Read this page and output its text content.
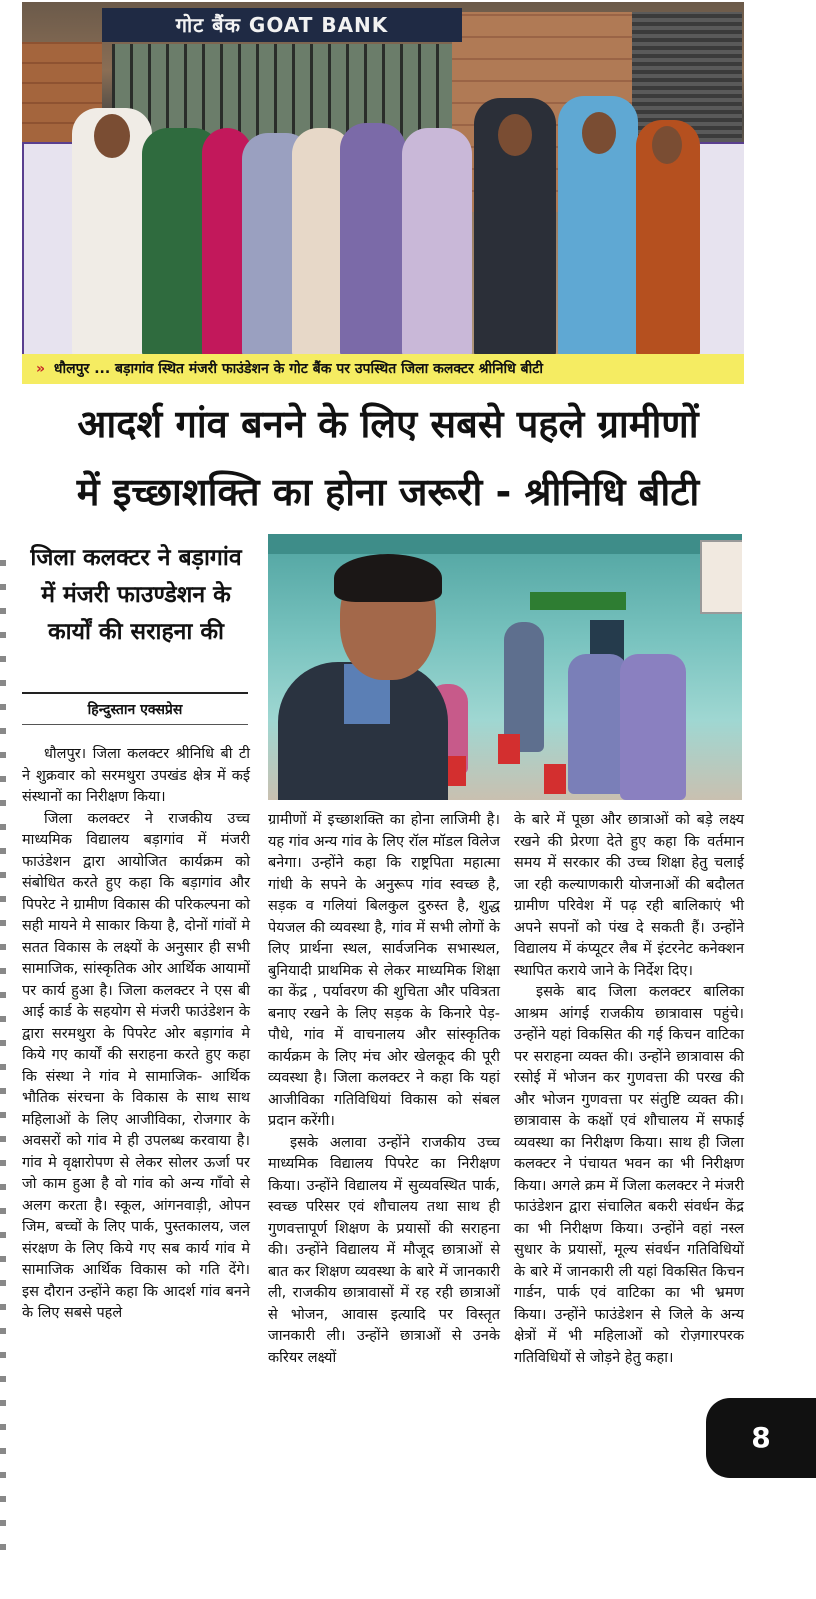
गोट बैंक GOAT BANK
» धौलपुर ... बड़ागांव स्थित मंजरी फाउंडेशन के गोट बैंक पर उपस्थित जिला कलक्टर श्रीनिधि बीटी
आदर्श गांव बनने के लिए सबसे पहले ग्रामीणों
में इच्छाशक्ति का होना जरूरी - श्रीनिधि बीटी
जिला कलक्टर ने बड़ागांव में मंजरी फाउण्डेशन के कार्यों की सराहना की
हिन्दुस्तान एक्सप्रेस

धौलपुर। जिला कलक्टर श्रीनिधि बी टी ने शुक्रवार को सरमथुरा उपखंड क्षेत्र में कई संस्थानों का निरीक्षण किया।

जिला कलक्टर ने राजकीय उच्च माध्यमिक विद्यालय बड़ागांव में मंजरी फाउंडेशन द्वारा आयोजित कार्यक्रम को संबोधित करते हुए कहा कि बड़ागांव और पिपरेट ने ग्रामीण विकास की परिकल्पना को सही मायने मे साकार किया है, दोनों गांवों मे सतत विकास के लक्ष्यों के अनुसार ही सभी सामाजिक, सांस्कृतिक ओर आर्थिक आयामों पर कार्य हुआ है। जिला कलक्टर ने एस बी आई कार्ड के सहयोग से मंजरी फाउंडेशन के द्वारा सरमथुरा के पिपरेट ओर बड़ागांव मे किये गए कार्यों की सराहना करते हुए कहा कि संस्था ने गांव मे सामाजिक- आर्थिक भौतिक संरचना के विकास के साथ साथ महिलाओं के लिए आजीविका, रोजगार के अवसरों को गांव मे ही उपलब्ध करवाया है। गांव मे वृक्षारोपण से लेकर सोलर ऊर्जा पर जो काम हुआ है वो गांव को अन्य गाँवो से अलग करता है। स्कूल, आंगनवाड़ी, ओपन जिम, बच्चों के लिए पार्क, पुस्तकालय, जल संरक्षण के लिए किये गए सब कार्य गांव मे सामाजिक आर्थिक विकास को गति देंगे। इस दौरान उन्होंने कहा कि आदर्श गांव बनने के लिए सबसे पहले

ग्रामीणों में इच्छाशक्ति का होना लाजिमी है। यह गांव अन्य गांव के लिए रॉल मॉडल विलेज बनेगा। उन्होंने कहा कि राष्ट्रपिता महात्मा गांधी के सपने के अनुरूप गांव स्वच्छ है, सड़क व गलियां बिलकुल दुरुस्त है, शुद्ध पेयजल की व्यवस्था है, गांव में सभी लोगों के लिए प्रार्थना स्थल, सार्वजनिक सभास्थल, बुनियादी प्राथमिक से लेकर माध्यमिक शिक्षा का केंद्र , पर्यावरण की शुचिता और पवित्रता बनाए रखने के लिए सड़क के किनारे पेड़- पौधे, गांव में वाचनालय और सांस्कृतिक कार्यक्रम के लिए मंच ओर खेलकूद की पूरी व्यवस्था है। जिला कलक्टर ने कहा कि यहां आजीविका गतिविधियां विकास को संबल प्रदान करेंगी।

इसके अलावा उन्होंने राजकीय उच्च माध्यमिक विद्यालय पिपरेट का निरीक्षण किया। उन्होंने विद्यालय में सुव्यवस्थित पार्क, स्वच्छ परिसर एवं शौचालय तथा साथ ही गुणवत्तापूर्ण शिक्षण के प्रयासों की सराहना की। उन्होंने विद्यालय में मौजूद छात्राओं से बात कर शिक्षण व्यवस्था के बारे में जानकारी ली, राजकीय छात्रावासों में रह रही छात्राओं से भोजन, आवास इत्यादि पर विस्तृत जानकारी ली। उन्होंने छात्राओं से उनके करियर लक्ष्यों

के बारे में पूछा और छात्राओं को बड़े लक्ष्य रखने की प्रेरणा देते हुए कहा कि वर्तमान समय में सरकार की उच्च शिक्षा हेतु चलाई जा रही कल्याणकारी योजनाओं की बदौलत ग्रामीण परिवेश में पढ़ रही बालिकाएं भी अपने सपनों को पंख दे सकती हैं। उन्होंने विद्यालय में कंप्यूटर लैब में इंटरनेट कनेक्शन स्थापित कराये जाने के निर्देश दिए।

इसके बाद जिला कलक्टर बालिका आश्रम आंगई राजकीय छात्रावास पहुंचे। उन्होंने यहां विकसित की गई किचन वाटिका पर सराहना व्यक्त की। उन्होंने छात्रावास की रसोई में भोजन कर गुणवत्ता की परख की और भोजन गुणवत्ता पर संतुष्टि व्यक्त की। छात्रावास के कक्षों एवं शौचालय में सफाई व्यवस्था का निरीक्षण किया। साथ ही जिला कलक्टर ने पंचायत भवन का भी निरीक्षण किया। अगले क्रम में जिला कलक्टर ने मंजरी फाउंडेशन द्वारा संचालित बकरी संवर्धन केंद्र का भी निरीक्षण किया। उन्होंने वहां नस्ल सुधार के प्रयासों, मूल्य संवर्धन गतिविधियों के बारे में जानकारी ली यहां विकसित किचन गार्डन, पार्क एवं वाटिका का भी भ्रमण किया। उन्होंने फाउंडेशन से जिले के अन्य क्षेत्रों में भी महिलाओं को रोज़गारपरक गतिविधियों से जोड़ने हेतु कहा।

8
